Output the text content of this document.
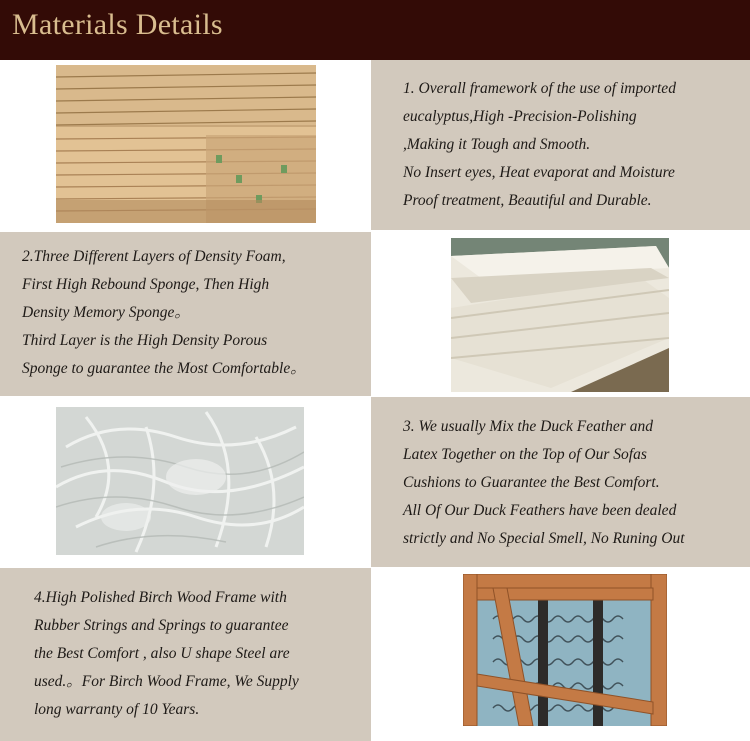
Materials Details

1. Overall framework of the use of imported

eucalyptus,High -Precision-Polishing

,Making it Tough and Smooth.

No Insert eyes, Heat evaporat and Moisture

Proof treatment, Beautiful and Durable.

2.Three Different Layers of Density Foam,

First High Rebound Sponge, Then High

Density Memory Sponge。

Third Layer is the High Density Porous

Sponge to guarantee the Most Comfortable。

3. We usually Mix the Duck Feather and

Latex Together on the Top of Our Sofas

Cushions to Guarantee the Best Comfort.

All Of Our Duck Feathers have been dealed

strictly and No Special Smell, No Runing Out

4.High Polished Birch Wood Frame with

Rubber Strings and Springs to guarantee

the Best Comfort , also U shape Steel are

used.。For Birch Wood Frame, We Supply

long warranty of 10 Years.
